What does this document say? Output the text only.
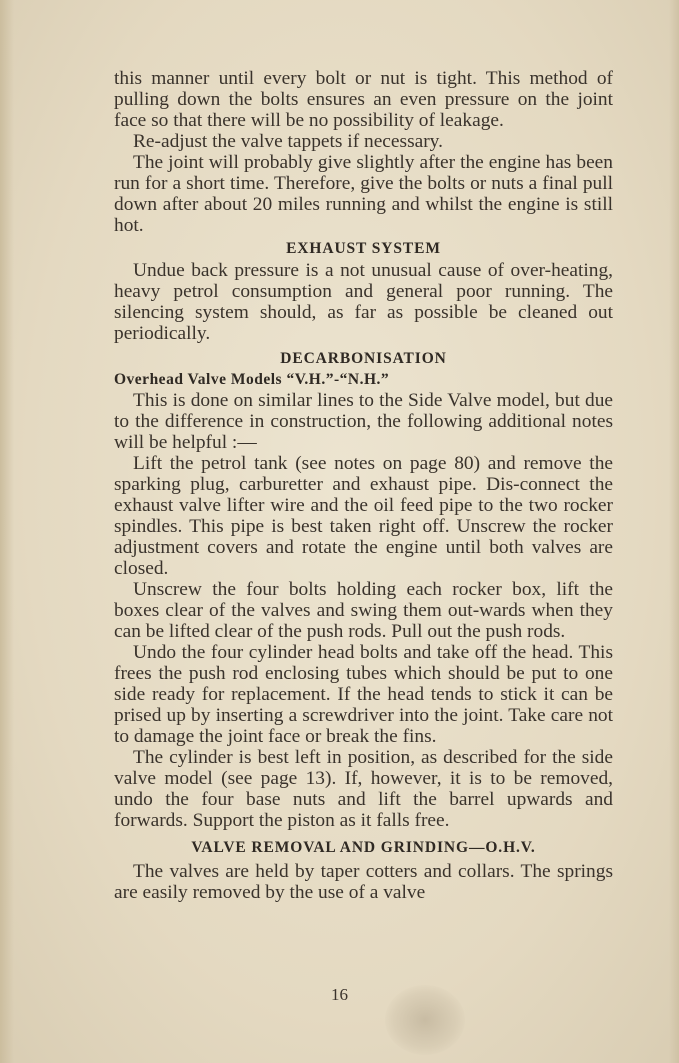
this manner until every bolt or nut is tight. This method of pulling down the bolts ensures an even pressure on the joint face so that there will be no possibility of leakage.

Re-adjust the valve tappets if necessary.

The joint will probably give slightly after the engine has been run for a short time. Therefore, give the bolts or nuts a final pull down after about 20 miles running and whilst the engine is still hot.

EXHAUST SYSTEM

Undue back pressure is a not unusual cause of over-heating, heavy petrol consumption and general poor running. The silencing system should, as far as possible be cleaned out periodically.

DECARBONISATION
Overhead Valve Models “V.H.”-“N.H.”

This is done on similar lines to the Side Valve model, but due to the difference in construction, the following additional notes will be helpful :—

Lift the petrol tank (see notes on page 80) and remove the sparking plug, carburetter and exhaust pipe. Dis-connect the exhaust valve lifter wire and the oil feed pipe to the two rocker spindles. This pipe is best taken right off. Unscrew the rocker adjustment covers and rotate the engine until both valves are closed.

Unscrew the four bolts holding each rocker box, lift the boxes clear of the valves and swing them out-wards when they can be lifted clear of the push rods. Pull out the push rods.

Undo the four cylinder head bolts and take off the head. This frees the push rod enclosing tubes which should be put to one side ready for replacement. If the head tends to stick it can be prised up by inserting a screwdriver into the joint. Take care not to damage the joint face or break the fins.

The cylinder is best left in position, as described for the side valve model (see page 13). If, however, it is to be removed, undo the four base nuts and lift the barrel upwards and forwards. Support the piston as it falls free.

VALVE REMOVAL AND GRINDING—O.H.V.

The valves are held by taper cotters and collars. The springs are easily removed by the use of a valve

16
